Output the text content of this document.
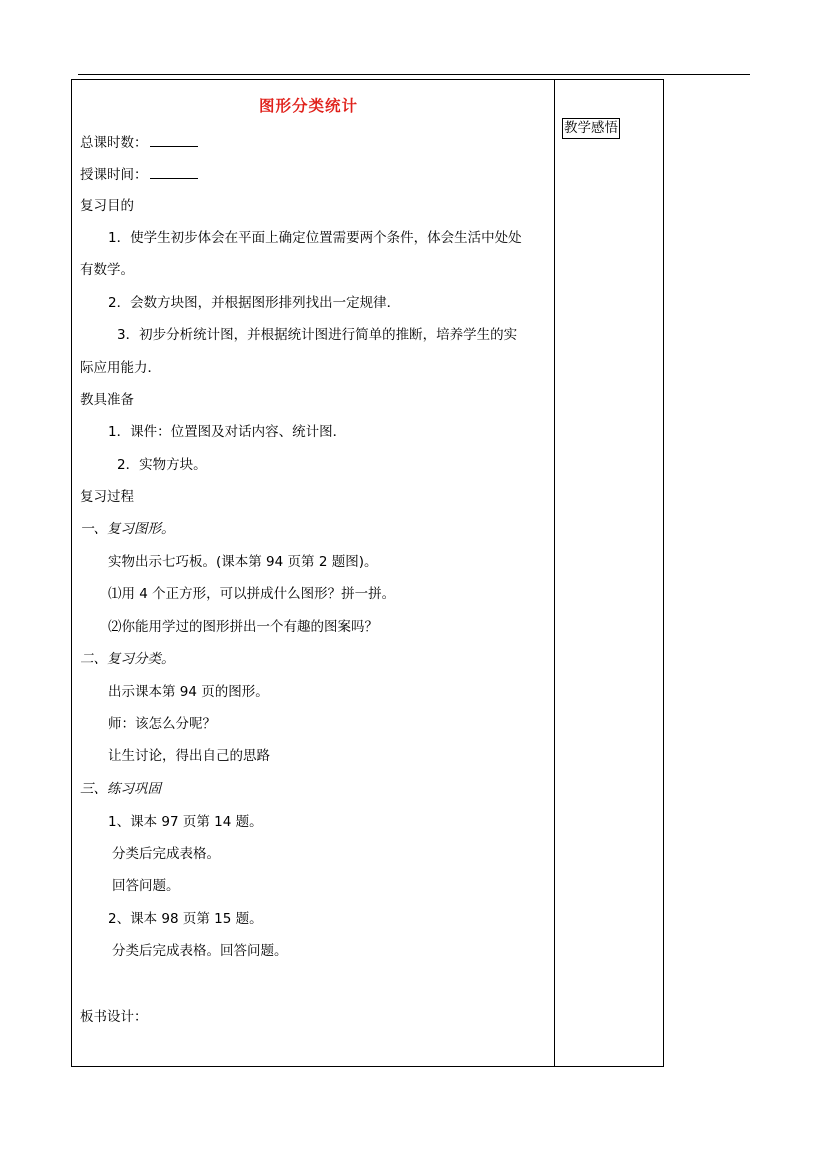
图形分类统计
总课时数：
授课时间：
复习目的
1．使学生初步体会在平面上确定位置需要两个条件，体会生活中处处
有数学。
2．会数方块图，并根据图形排列找出一定规律．
3．初步分析统计图，并根据统计图进行简单的推断，培养学生的实
际应用能力．
教具准备
1．课件：位置图及对话内容、统计图．
2．实物方块。
复习过程
一、复习图形。
实物出示七巧板。(课本第 94 页第 2 题图)。
⑴用 4 个正方形，可以拼成什么图形？拼一拼。
⑵你能用学过的图形拼出一个有趣的图案吗？
二、复习分类。
出示课本第 94 页的图形。
师：该怎么分呢？
让生讨论，得出自己的思路
三、练习巩固
1、课本 97 页第 14 题。
分类后完成表格。
回答问题。
2、课本 98 页第 15 题。
分类后完成表格。回答问题。
板书设计：
教学感悟
